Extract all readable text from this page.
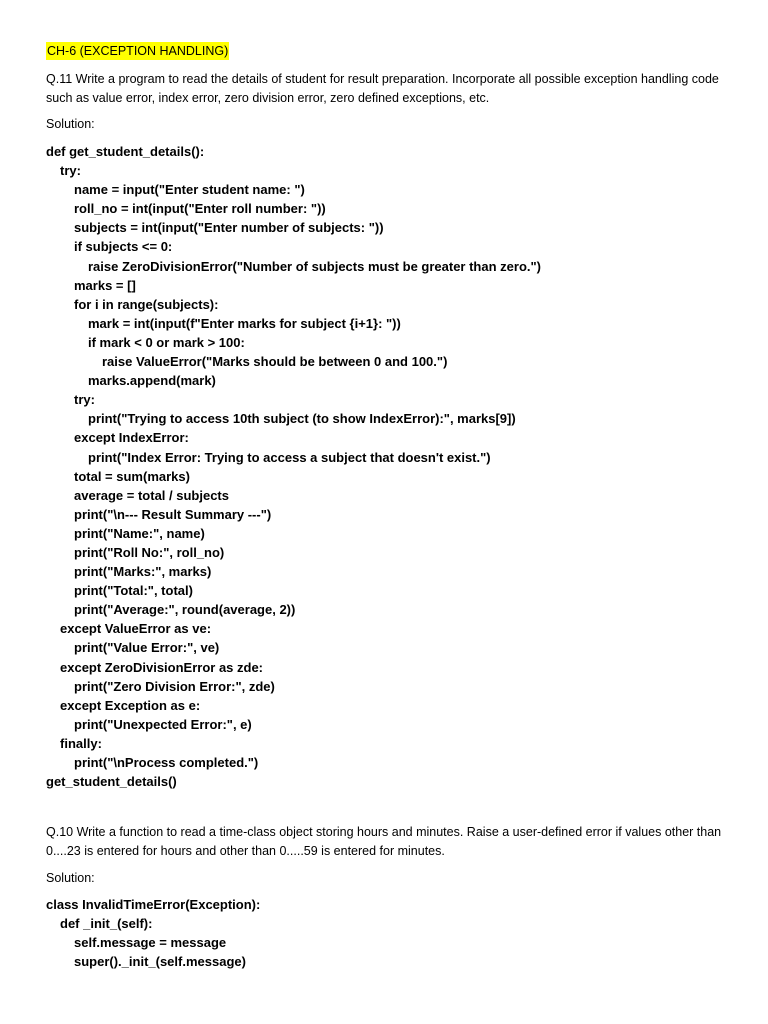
CH-6 (EXCEPTION HANDLING)
Q.11 Write a program to read the details of student for result preparation. Incorporate all possible exception handling code such as value error, index error, zero division error, zero defined exceptions, etc.
Solution:
def get_student_details():
try:
name = input("Enter student name: ")
roll_no = int(input("Enter roll number: "))
subjects = int(input("Enter number of subjects: "))
if subjects <= 0:
raise ZeroDivisionError("Number of subjects must be greater than zero.")
marks = []
for i in range(subjects):
mark = int(input(f"Enter marks for subject {i+1}: "))
if mark < 0 or mark > 100:
raise ValueError("Marks should be between 0 and 100.")
marks.append(mark)
try:
print("Trying to access 10th subject (to show IndexError):", marks[9])
except IndexError:
print("Index Error: Trying to access a subject that doesn't exist.")
total = sum(marks)
average = total / subjects
print("\n--- Result Summary ---")
print("Name:", name)
print("Roll No:", roll_no)
print("Marks:", marks)
print("Total:", total)
print("Average:", round(average, 2))
except ValueError as ve:
print("Value Error:", ve)
except ZeroDivisionError as zde:
print("Zero Division Error:", zde)
except Exception as e:
print("Unexpected Error:", e)
finally:
print("\nProcess completed.")
get_student_details()
Q.10 Write a function to read a time-class object storing hours and minutes. Raise a user-defined error if values other than 0....23 is entered for hours and other than 0.....59 is entered for minutes.
Solution:
class InvalidTimeError(Exception):
def _init_(self):
self.message = message
super()._init_(self.message)
